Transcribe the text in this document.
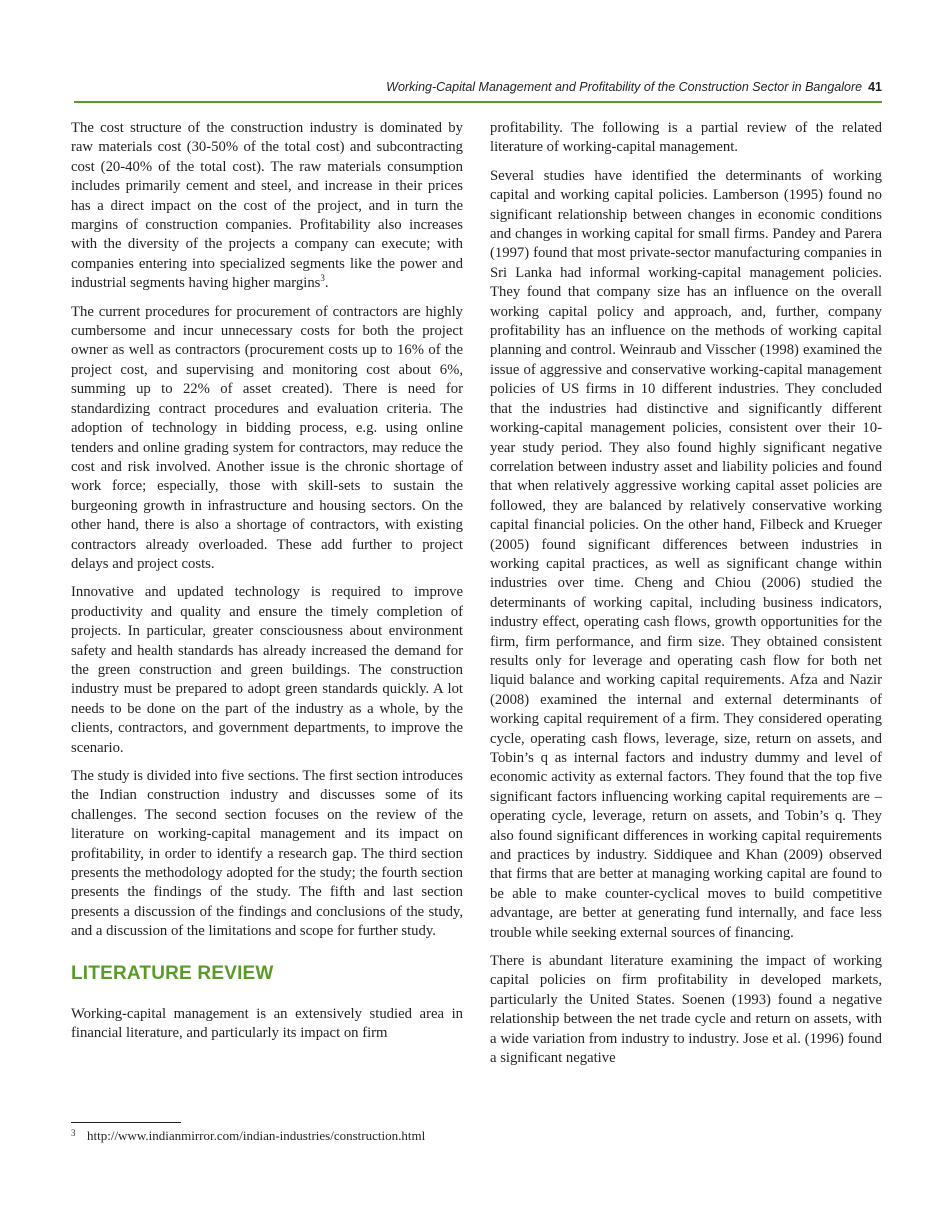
Working-Capital Management and Profitability of the Construction Sector in Bangalore 41

The cost structure of the construction industry is dominated by raw materials cost (30-50% of the total cost) and subcontracting cost (20-40% of the total cost). The raw materials consumption includes primarily cement and steel, and increase in their prices has a direct impact on the cost of the project, and in turn the margins of construction companies. Profitability also increases with the diversity of the projects a company can execute; with companies entering into specialized segments like the power and industrial segments having higher margins$^3$.

The current procedures for procurement of contractors are highly cumbersome and incur unnecessary costs for both the project owner as well as contractors (procurement costs up to 16% of the project cost, and supervising and monitoring cost about 6%, summing up to 22% of asset created). There is need for standardizing contract procedures and evaluation criteria. The adoption of technology in bidding process, e.g. using online tenders and online grading system for contractors, may reduce the cost and risk involved. Another issue is the chronic shortage of work force; especially, those with skill-sets to sustain the burgeoning growth in infrastructure and housing sectors. On the other hand, there is also a shortage of contractors, with existing contractors already overloaded. These add further to project delays and project costs.

Innovative and updated technology is required to improve productivity and quality and ensure the timely completion of projects. In particular, greater consciousness about environment safety and health standards has already increased the demand for the green construction and green buildings. The construction industry must be prepared to adopt green standards quickly. A lot needs to be done on the part of the industry as a whole, by the clients, contractors, and government departments, to improve the scenario.

The study is divided into five sections. The first section introduces the Indian construction industry and discusses some of its challenges. The second section focuses on the review of the literature on working-capital management and its impact on profitability, in order to identify a research gap. The third section presents the methodology adopted for the study; the fourth section presents the findings of the study. The fifth and last section presents a discussion of the findings and conclusions of the study, and a discussion of the limitations and scope for further study.

LITERATURE REVIEW

Working-capital management is an extensively studied area in financial literature, and particularly its impact on firm

profitability. The following is a partial review of the related literature of working-capital management.

Several studies have identified the determinants of working capital and working capital policies. Lamberson (1995) found no significant relationship between changes in economic conditions and changes in working capital for small firms. Pandey and Parera (1997) found that most private-sector manufacturing companies in Sri Lanka had informal working-capital management policies. They found that company size has an influence on the overall working capital policy and approach, and, further, company profitability has an influence on the methods of working capital planning and control. Weinraub and Visscher (1998) examined the issue of aggressive and conservative working-capital management policies of US firms in 10 different industries. They concluded that the industries had distinctive and significantly different working-capital management policies, consistent over their 10-year study period. They also found highly significant negative correlation between industry asset and liability policies and found that when relatively aggressive working capital asset policies are followed, they are balanced by relatively conservative working capital financial policies. On the other hand, Filbeck and Krueger (2005) found significant differences between industries in working capital practices, as well as significant change within industries over time. Cheng and Chiou (2006) studied the determinants of working capital, including business indicators, industry effect, operating cash flows, growth opportunities for the firm, firm performance, and firm size. They obtained consistent results only for leverage and operating cash flow for both net liquid balance and working capital requirements. Afza and Nazir (2008) examined the internal and external determinants of working capital requirement of a firm. They considered operating cycle, operating cash flows, leverage, size, return on assets, and Tobin’s q as internal factors and industry dummy and level of economic activity as external factors. They found that the top five significant factors influencing working capital requirements are – operating cycle, leverage, return on assets, and Tobin’s q. They also found significant differences in working capital requirements and practices by industry. Siddiquee and Khan (2009) observed that firms that are better at managing working capital are found to be able to make counter-cyclical moves to build competitive advantage, are better at generating fund internally, and face less trouble while seeking external sources of financing.

There is abundant literature examining the impact of working capital policies on firm profitability in developed markets, particularly the United States. Soenen (1993) found a negative relationship between the net trade cycle and return on assets, with a wide variation from industry to industry. Jose et al. (1996) found a significant negative

3 http://www.indianmirror.com/indian-industries/construction.html
